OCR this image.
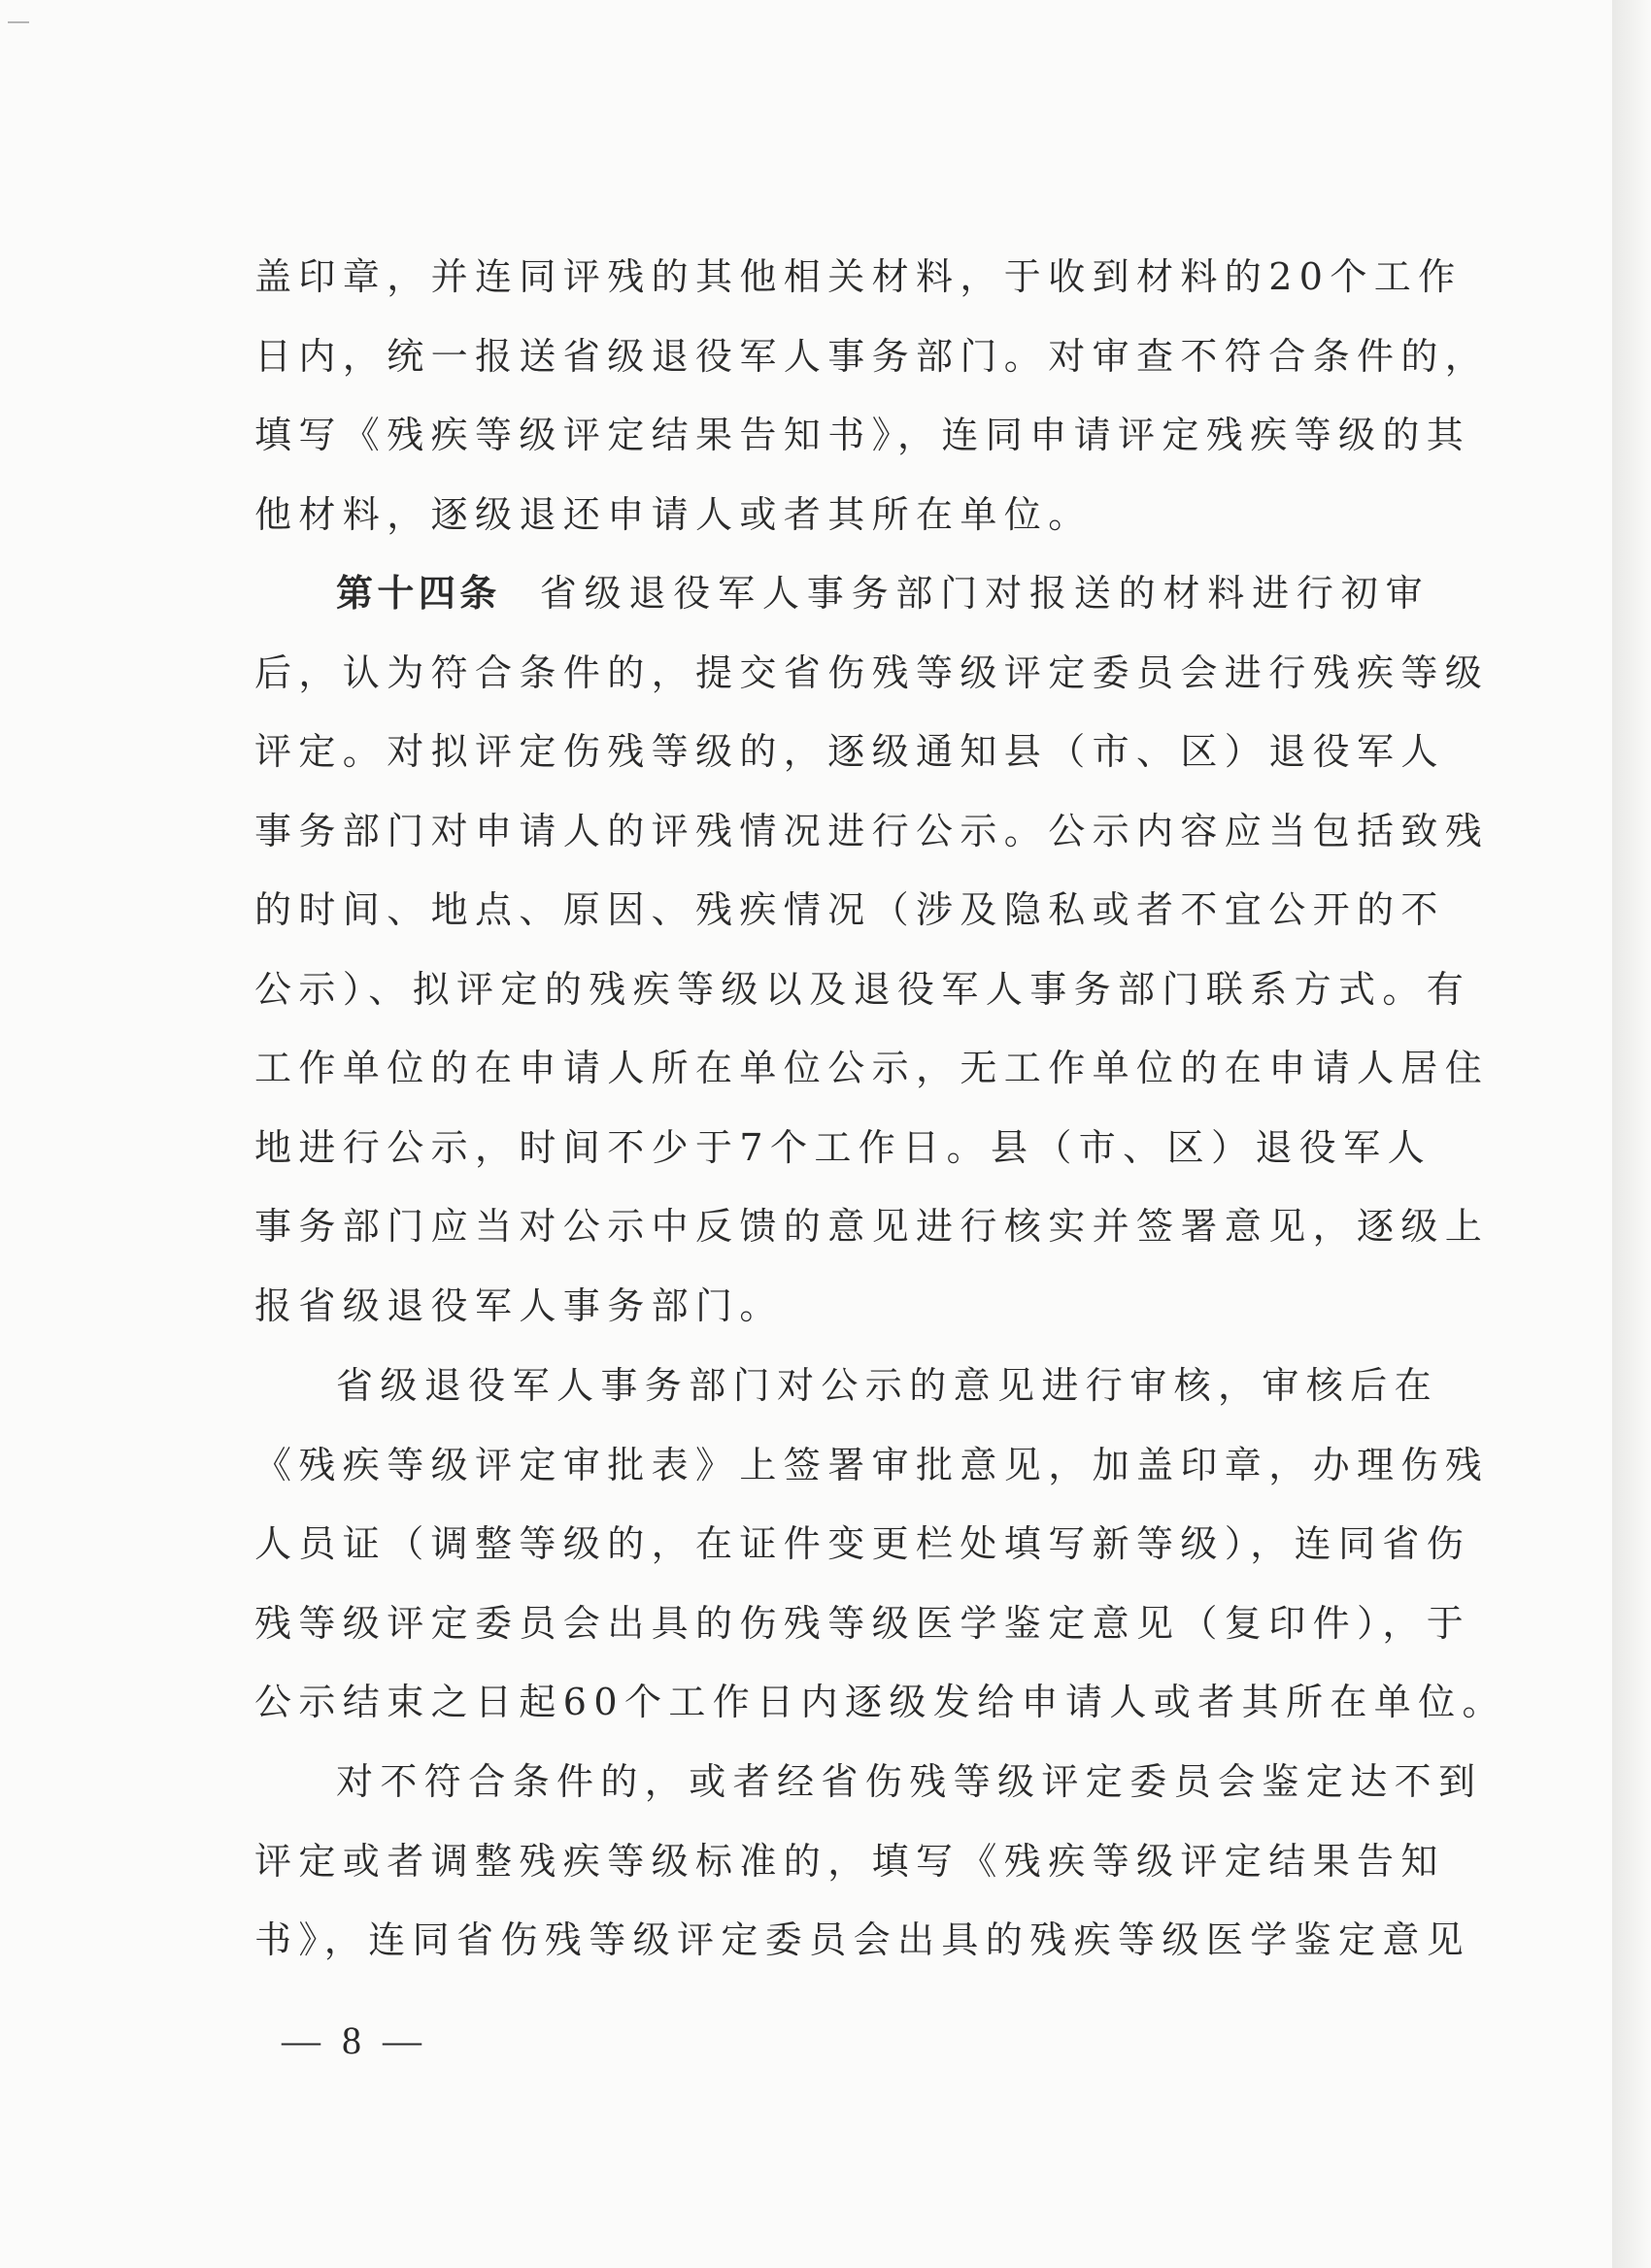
盖印章，并连同评残的其他相关材料，于收到材料的20个工作
日内，统一报送省级退役军人事务部门。对审查不符合条件的，
填写《残疾等级评定结果告知书》，连同申请评定残疾等级的其
他材料，逐级退还申请人或者其所在单位。
第十四条 省级退役军人事务部门对报送的材料进行初审
后，认为符合条件的，提交省伤残等级评定委员会进行残疾等级
评定。对拟评定伤残等级的，逐级通知县（市、区）退役军人
事务部门对申请人的评残情况进行公示。公示内容应当包括致残
的时间、地点、原因、残疾情况（涉及隐私或者不宜公开的不
公示）、拟评定的残疾等级以及退役军人事务部门联系方式。有
工作单位的在申请人所在单位公示，无工作单位的在申请人居住
地进行公示，时间不少于7个工作日。县（市、区）退役军人
事务部门应当对公示中反馈的意见进行核实并签署意见，逐级上
报省级退役军人事务部门。
省级退役军人事务部门对公示的意见进行审核，审核后在
《残疾等级评定审批表》上签署审批意见，加盖印章，办理伤残
人员证（调整等级的，在证件变更栏处填写新等级），连同省伤
残等级评定委员会出具的伤残等级医学鉴定意见（复印件），于
公示结束之日起60个工作日内逐级发给申请人或者其所在单位。
对不符合条件的，或者经省伤残等级评定委员会鉴定达不到
评定或者调整残疾等级标准的，填写《残疾等级评定结果告知
书》，连同省伤残等级评定委员会出具的残疾等级医学鉴定意见
— 8 —
